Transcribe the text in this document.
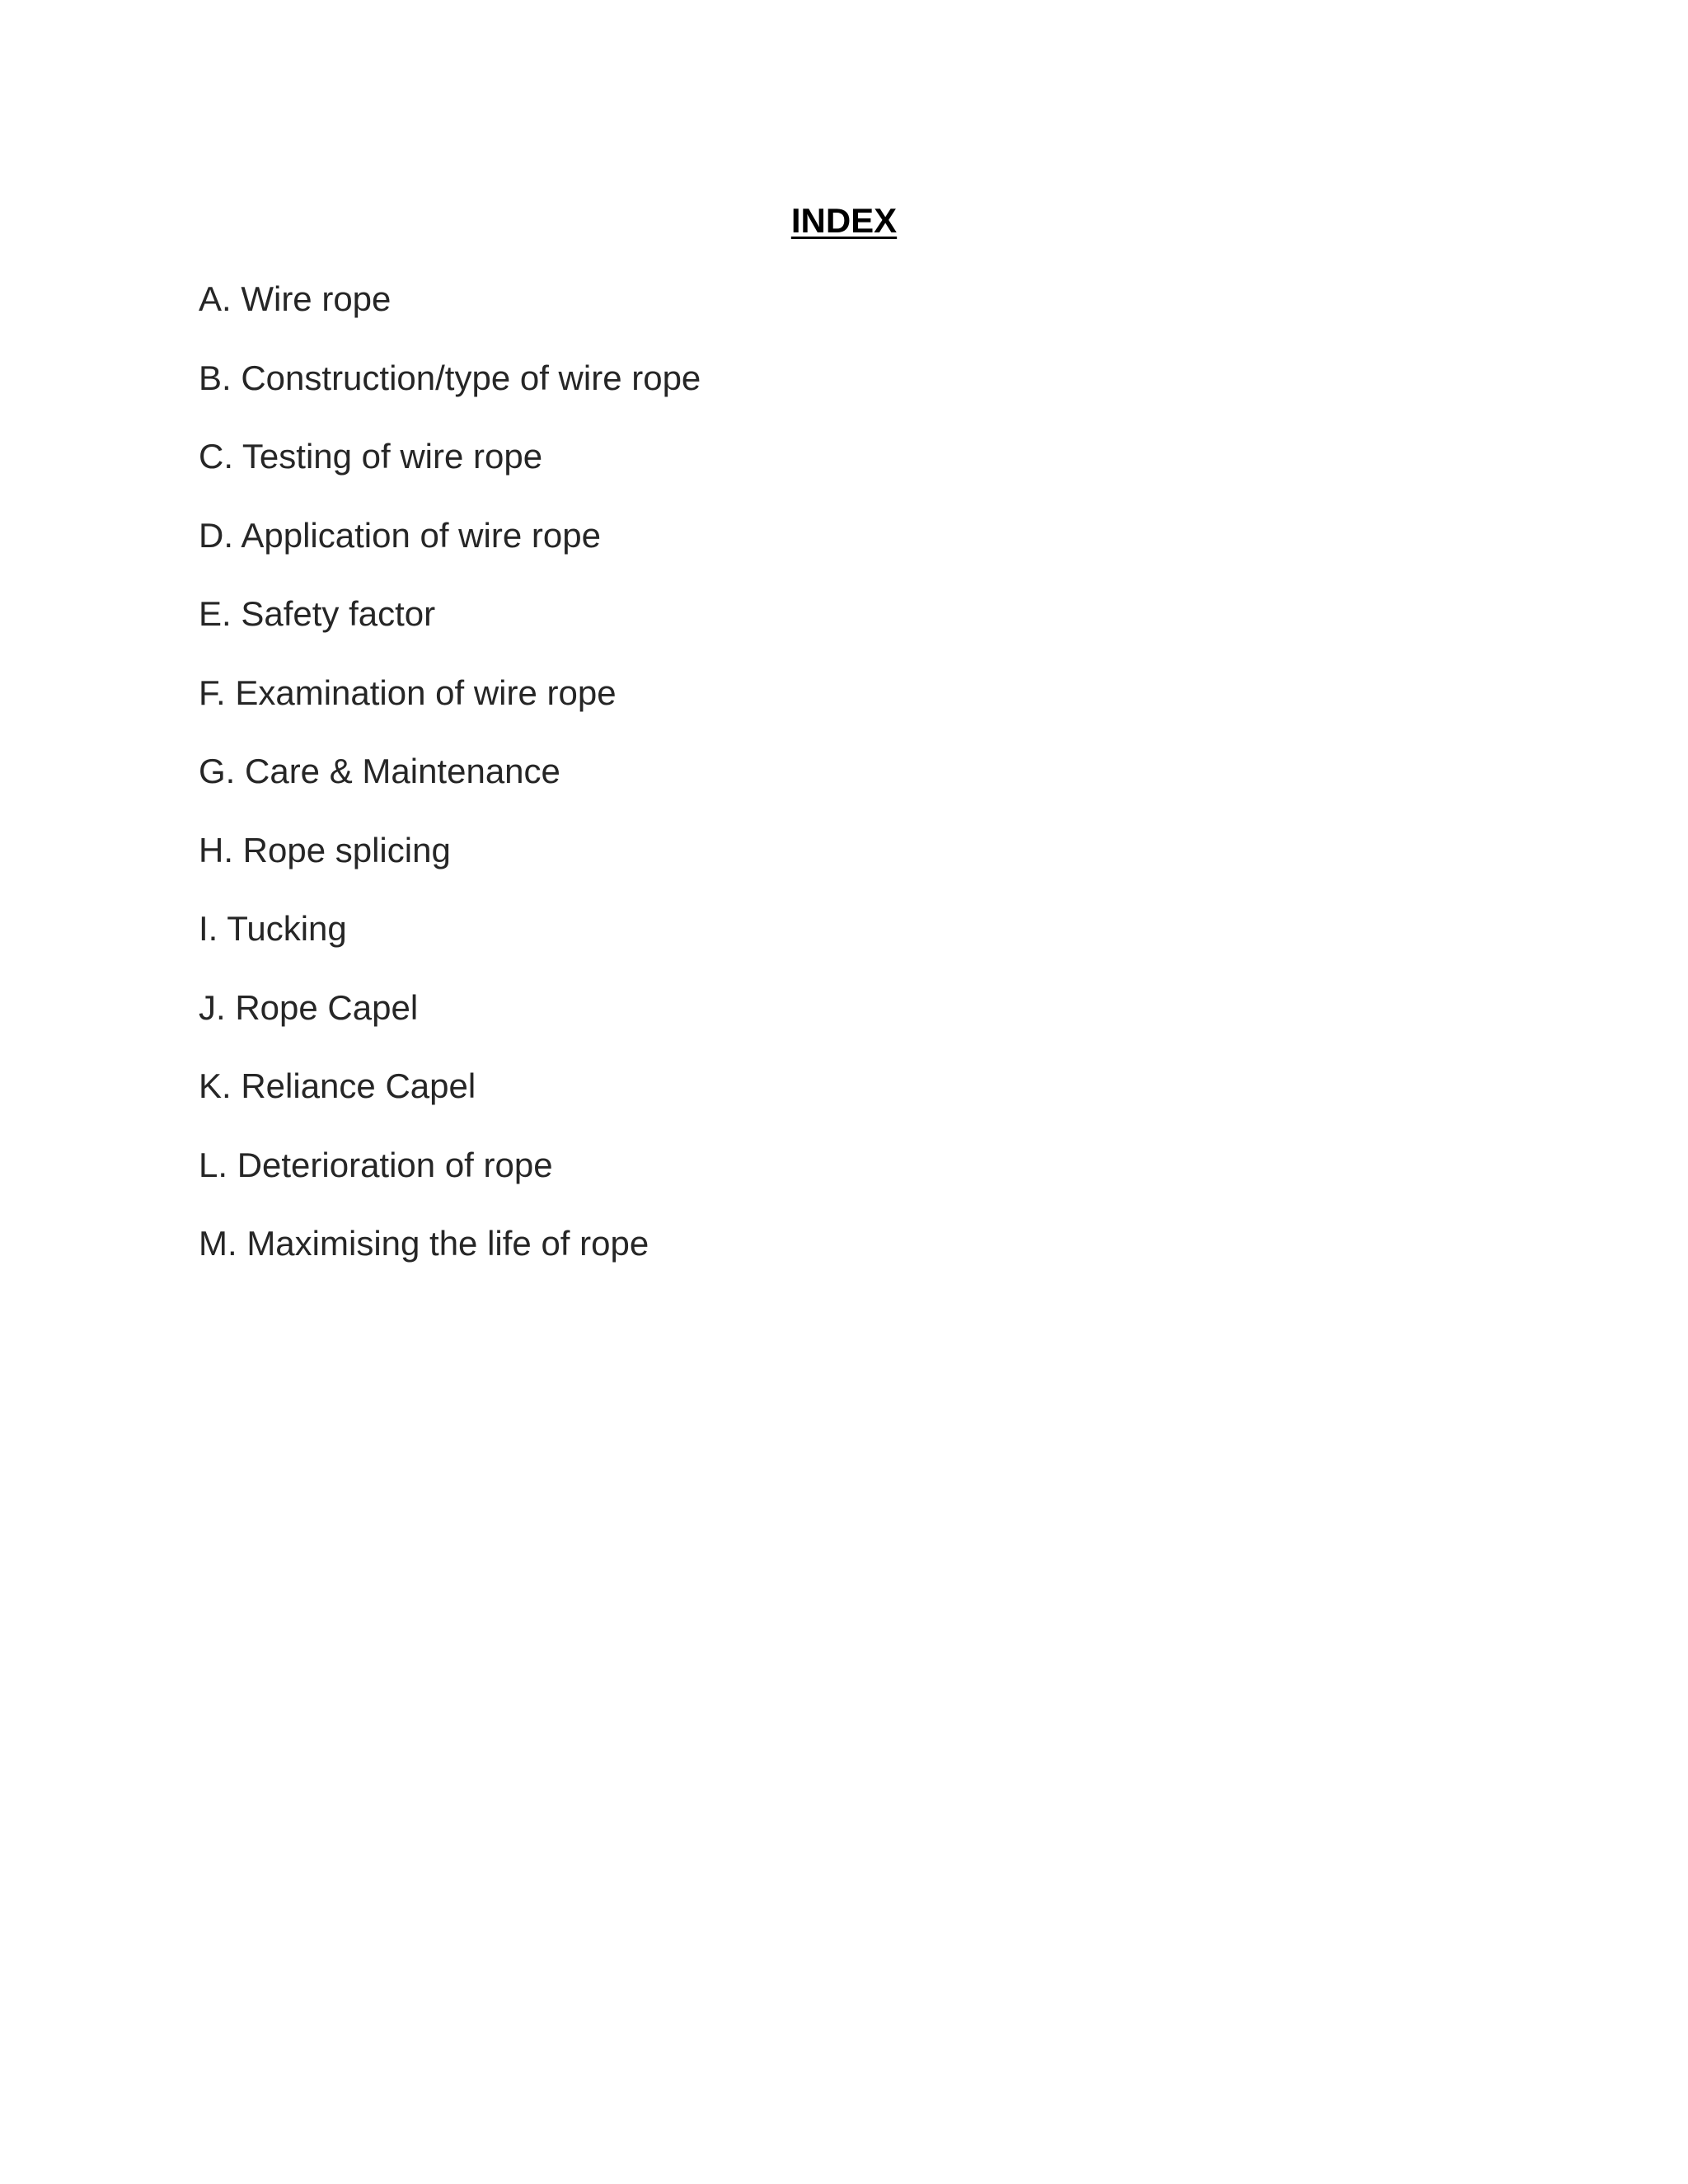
INDEX
A. Wire rope
B. Construction/type of wire rope
C. Testing of wire rope
D. Application of wire rope
E. Safety factor
F. Examination of wire rope
G. Care & Maintenance
H. Rope splicing
I. Tucking
J. Rope Capel
K. Reliance Capel
L. Deterioration of rope
M. Maximising the life of rope
